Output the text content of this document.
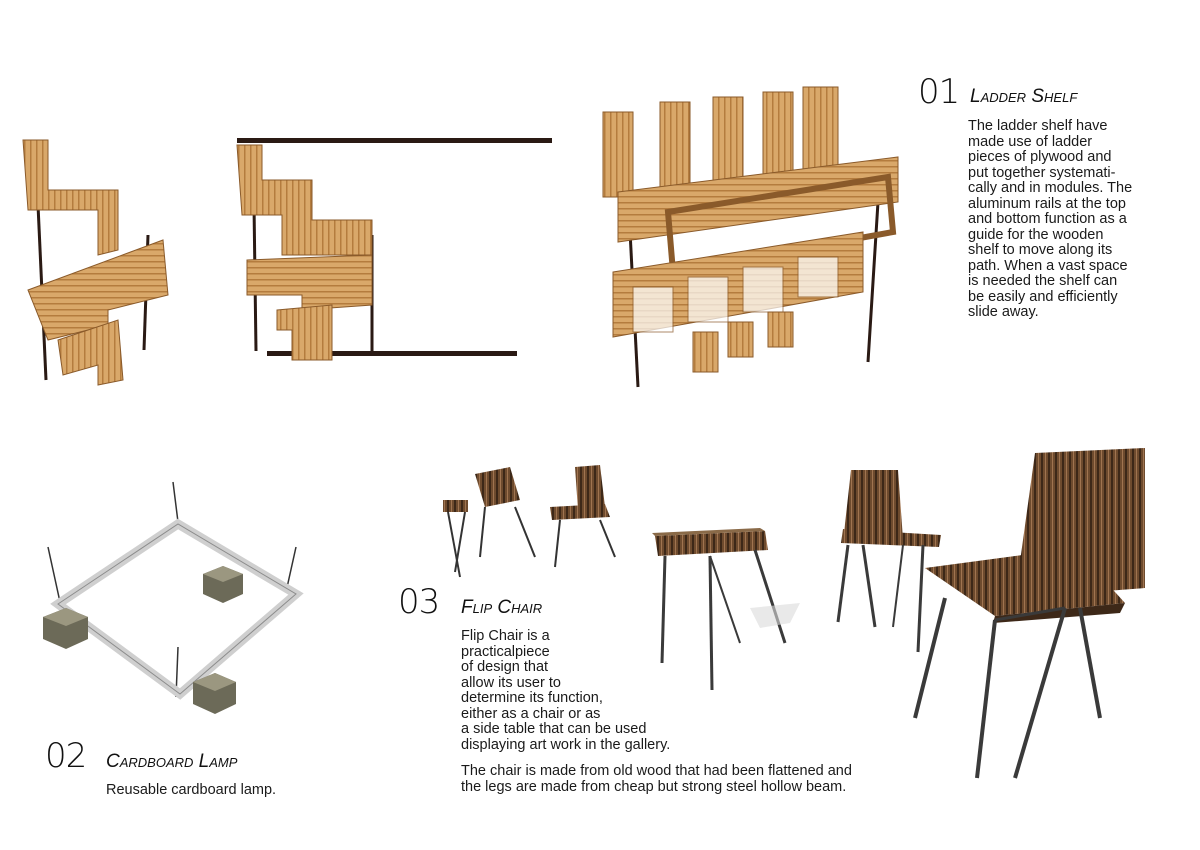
01 Ladder Shelf
The ladder shelf have
made use of ladder
pieces of plywood and
put together systemati-
cally and in modules. The
aluminum rails at the top
and bottom function as a
guide for the wooden
shelf to move along its
path. When a vast space
is needed the shelf can
be easily and efficiently
slide away.
02 Cardboard Lamp
Reusable cardboard lamp.
03 Flip Chair
Flip Chair is a
practicalpiece
of design that
allow its user to
determine its function,
either as a chair or as
a side table that can be used
displaying art work in the gallery.
The chair is made from old wood that had been flattened and
the legs are made from cheap but strong steel hollow beam.
